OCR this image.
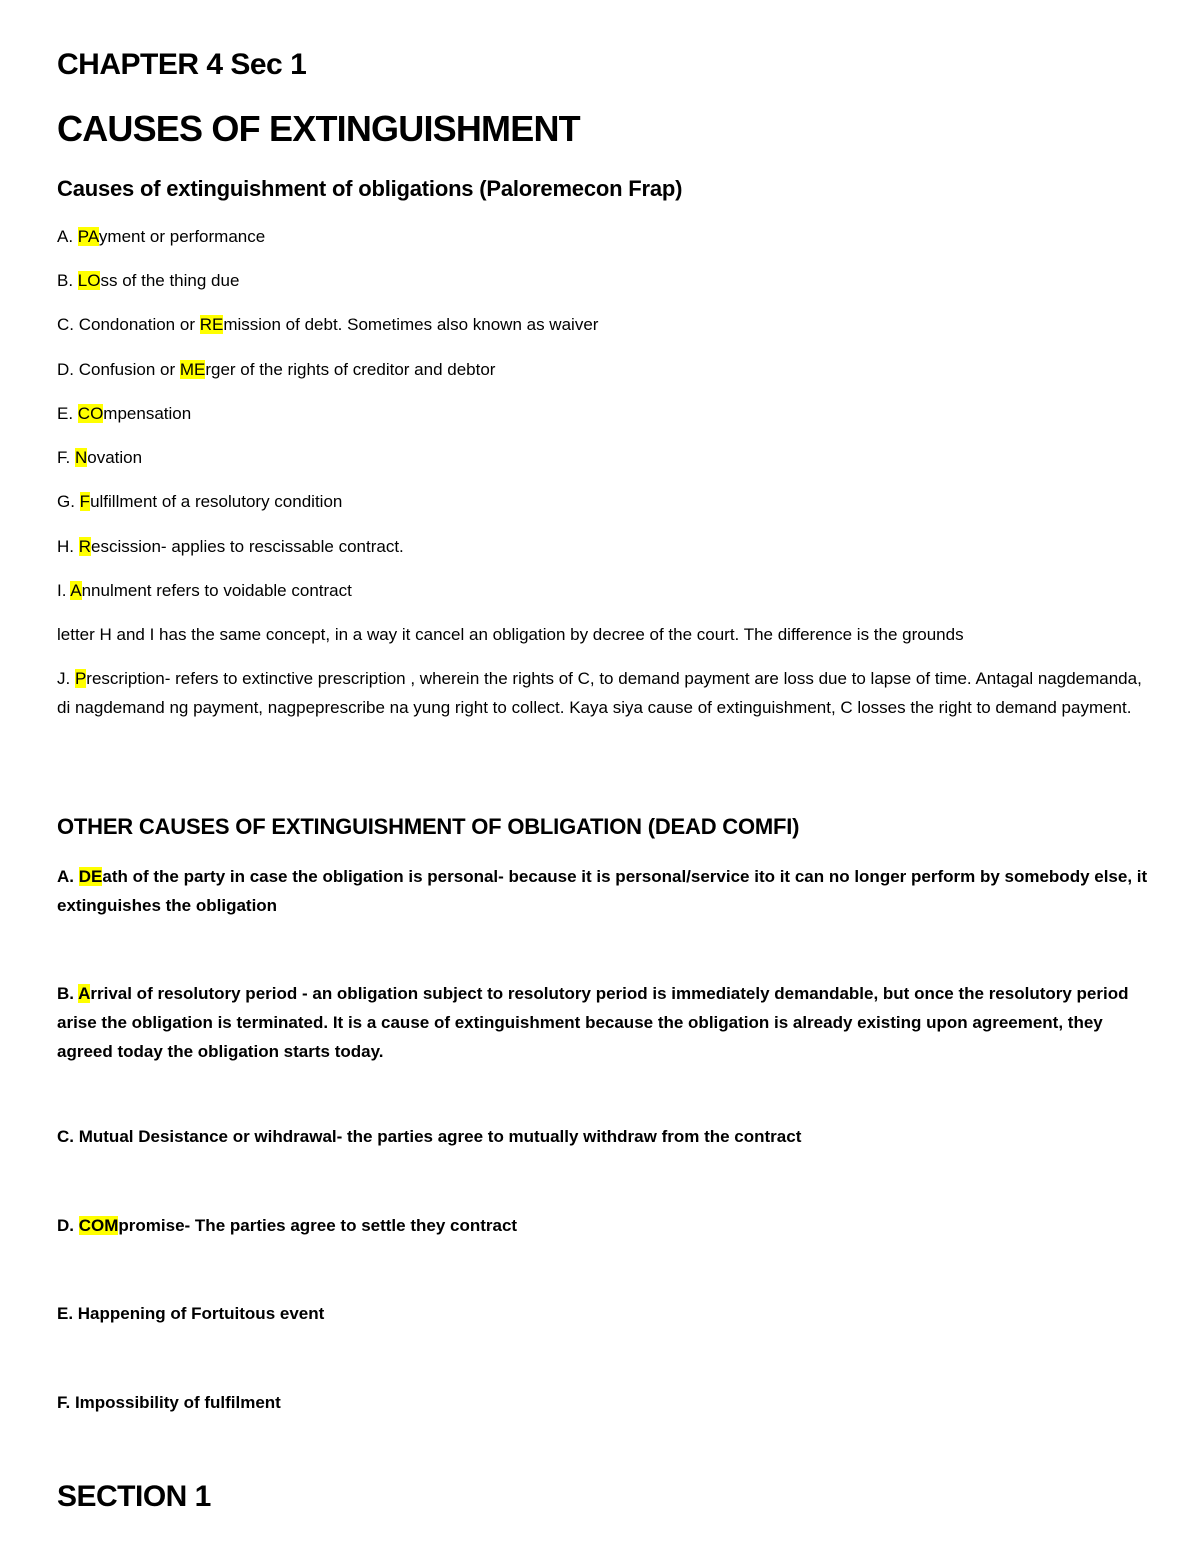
CHAPTER 4 Sec 1
CAUSES OF EXTINGUISHMENT
Causes of extinguishment of obligations (Paloremecon Frap)
A. PAyment or performance
B. LOss of the thing due
C. Condonation or REmission of debt. Sometimes also known as waiver
D. Confusion or MErger of the rights of creditor and debtor
E. COmpensation
F. Novation
G. Fulfillment of a resolutory condition
H. Rescission- applies to rescissable contract.
I. Annulment refers to voidable contract
letter H and I has the same concept, in a way it cancel an obligation by decree of the court. The difference is the grounds
J. Prescription- refers to extinctive prescription , wherein the rights of C, to demand payment are loss due to lapse of time. Antagal nagdemanda, di nagdemand ng payment, nagpeprescribe na yung right to collect. Kaya siya cause of extinguishment, C losses the right to demand payment.
OTHER CAUSES OF EXTINGUISHMENT OF OBLIGATION (DEAD COMFI)
A. DEath of the party in case the obligation is personal- because it is personal/service ito it can no longer perform by somebody else, it extinguishes the obligation
B. Arrival of resolutory period - an obligation subject to resolutory period is immediately demandable, but once the resolutory period arise the obligation is terminated. It is a cause of extinguishment because the obligation is already existing upon agreement, they agreed today the obligation starts today.
C. Mutual Desistance or wihdrawal- the parties agree to mutually withdraw from the contract
D. COMpromise- The parties agree to settle they contract
E. Happening of Fortuitous event
F. Impossibility of fulfilment
SECTION 1
